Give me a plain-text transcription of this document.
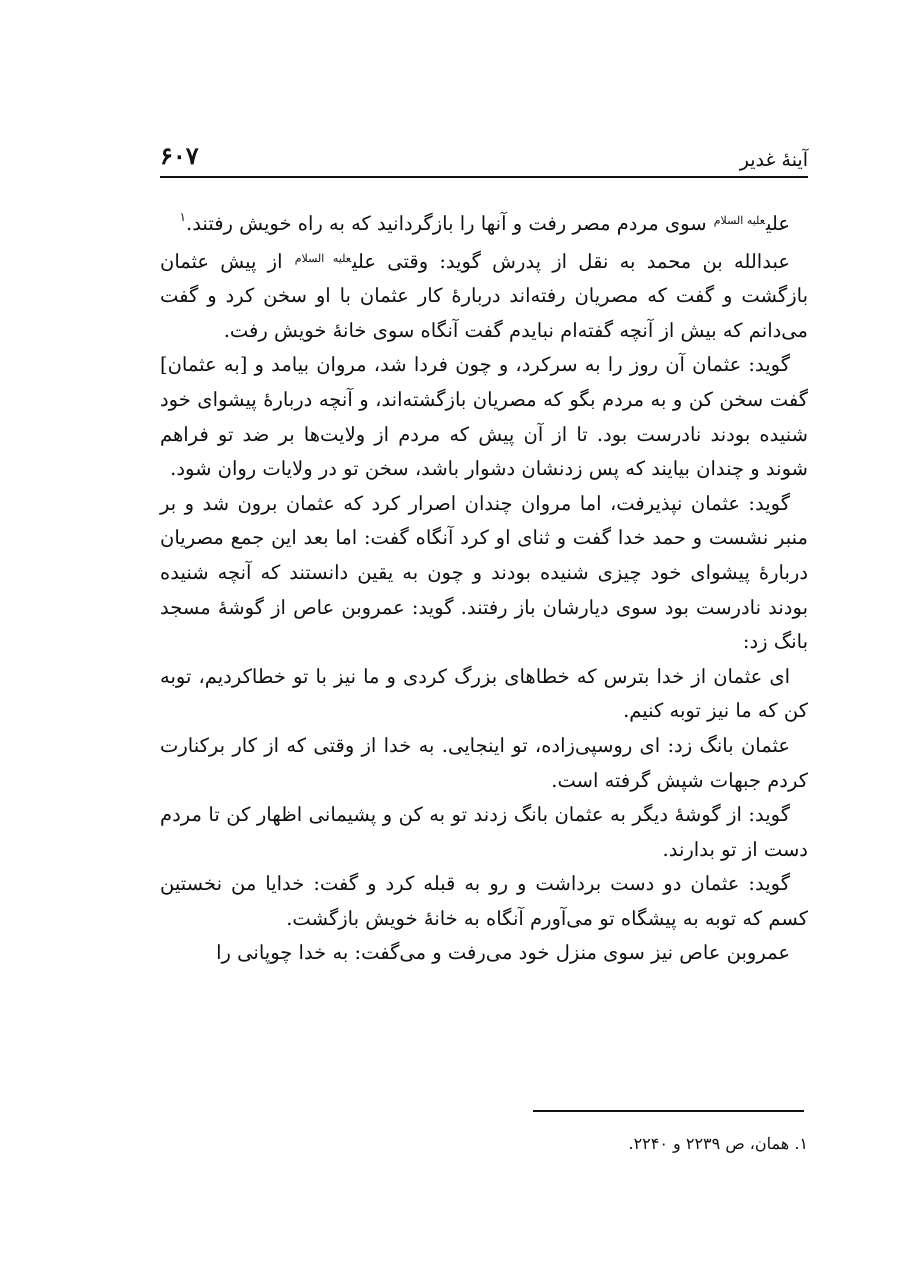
آینهٔ غدیر
۶۰۷

علی$^{علیه السلام}$ سوی مردم مصر رفت و آنها را بازگردانید که به راه خویش رفتند.$^۱$

عبدالله بن محمد به نقل از پدرش گوید: وقتی علی$^{علیه السلام}$ از پیش عثمان بازگشت و گفت که مصریان رفته‌اند دربارهٔ کار عثمان با او سخن کرد و گفت می‌دانم که بیش از آنچه گفته‌ام نبایدم گفت آنگاه سوی خانهٔ خویش رفت.

گوید: عثمان آن روز را به سرکرد، و چون فردا شد، مروان بیامد و [به عثمان] گفت سخن کن و به مردم بگو که مصریان بازگشته‌اند، و آنچه دربارهٔ پیشوای خود شنیده بودند نادرست بود. تا از آن پیش که مردم از ولایت‌ها بر ضد تو فراهم شوند و چندان بیایند که پس زدنشان دشوار باشد، سخن تو در ولایات روان شود.

گوید: عثمان نپذیرفت، اما مروان چندان اصرار کرد که عثمان برون شد و بر منبر نشست و حمد خدا گفت و ثنای او کرد آنگاه گفت: اما بعد این جمع مصریان دربارهٔ پیشوای خود چیزی شنیده بودند و چون به یقین دانستند که آنچه شنیده بودند نادرست بود سوی دیارشان باز رفتند. گوید: عمروبن عاص از گوشهٔ مسجد بانگ زد:

ای عثمان از خدا بترس که خطاهای بزرگ کردی و ما نیز با تو خطاکردیم، توبه کن که ما نیز توبه کنیم.

عثمان بانگ زد: ای روسپی‌زاده، تو اینجایی. به خدا از وقتی که از کار برکنارت کردم جبهات شپش گرفته است.

گوید: از گوشهٔ دیگر به عثمان بانگ زدند تو به کن و پشیمانی اظهار کن تا مردم دست از تو بدارند.

گوید: عثمان دو دست برداشت و رو به قبله کرد و گفت: خدایا من نخستین کسم که توبه به پیشگاه تو می‌آورم آنگاه به خانهٔ خویش بازگشت.

عمروبن عاص نیز سوی منزل خود می‌رفت و می‌گفت: به خدا چوپانی را

۱. همان، ص ۲۲۳۹ و ۲۲۴۰.
